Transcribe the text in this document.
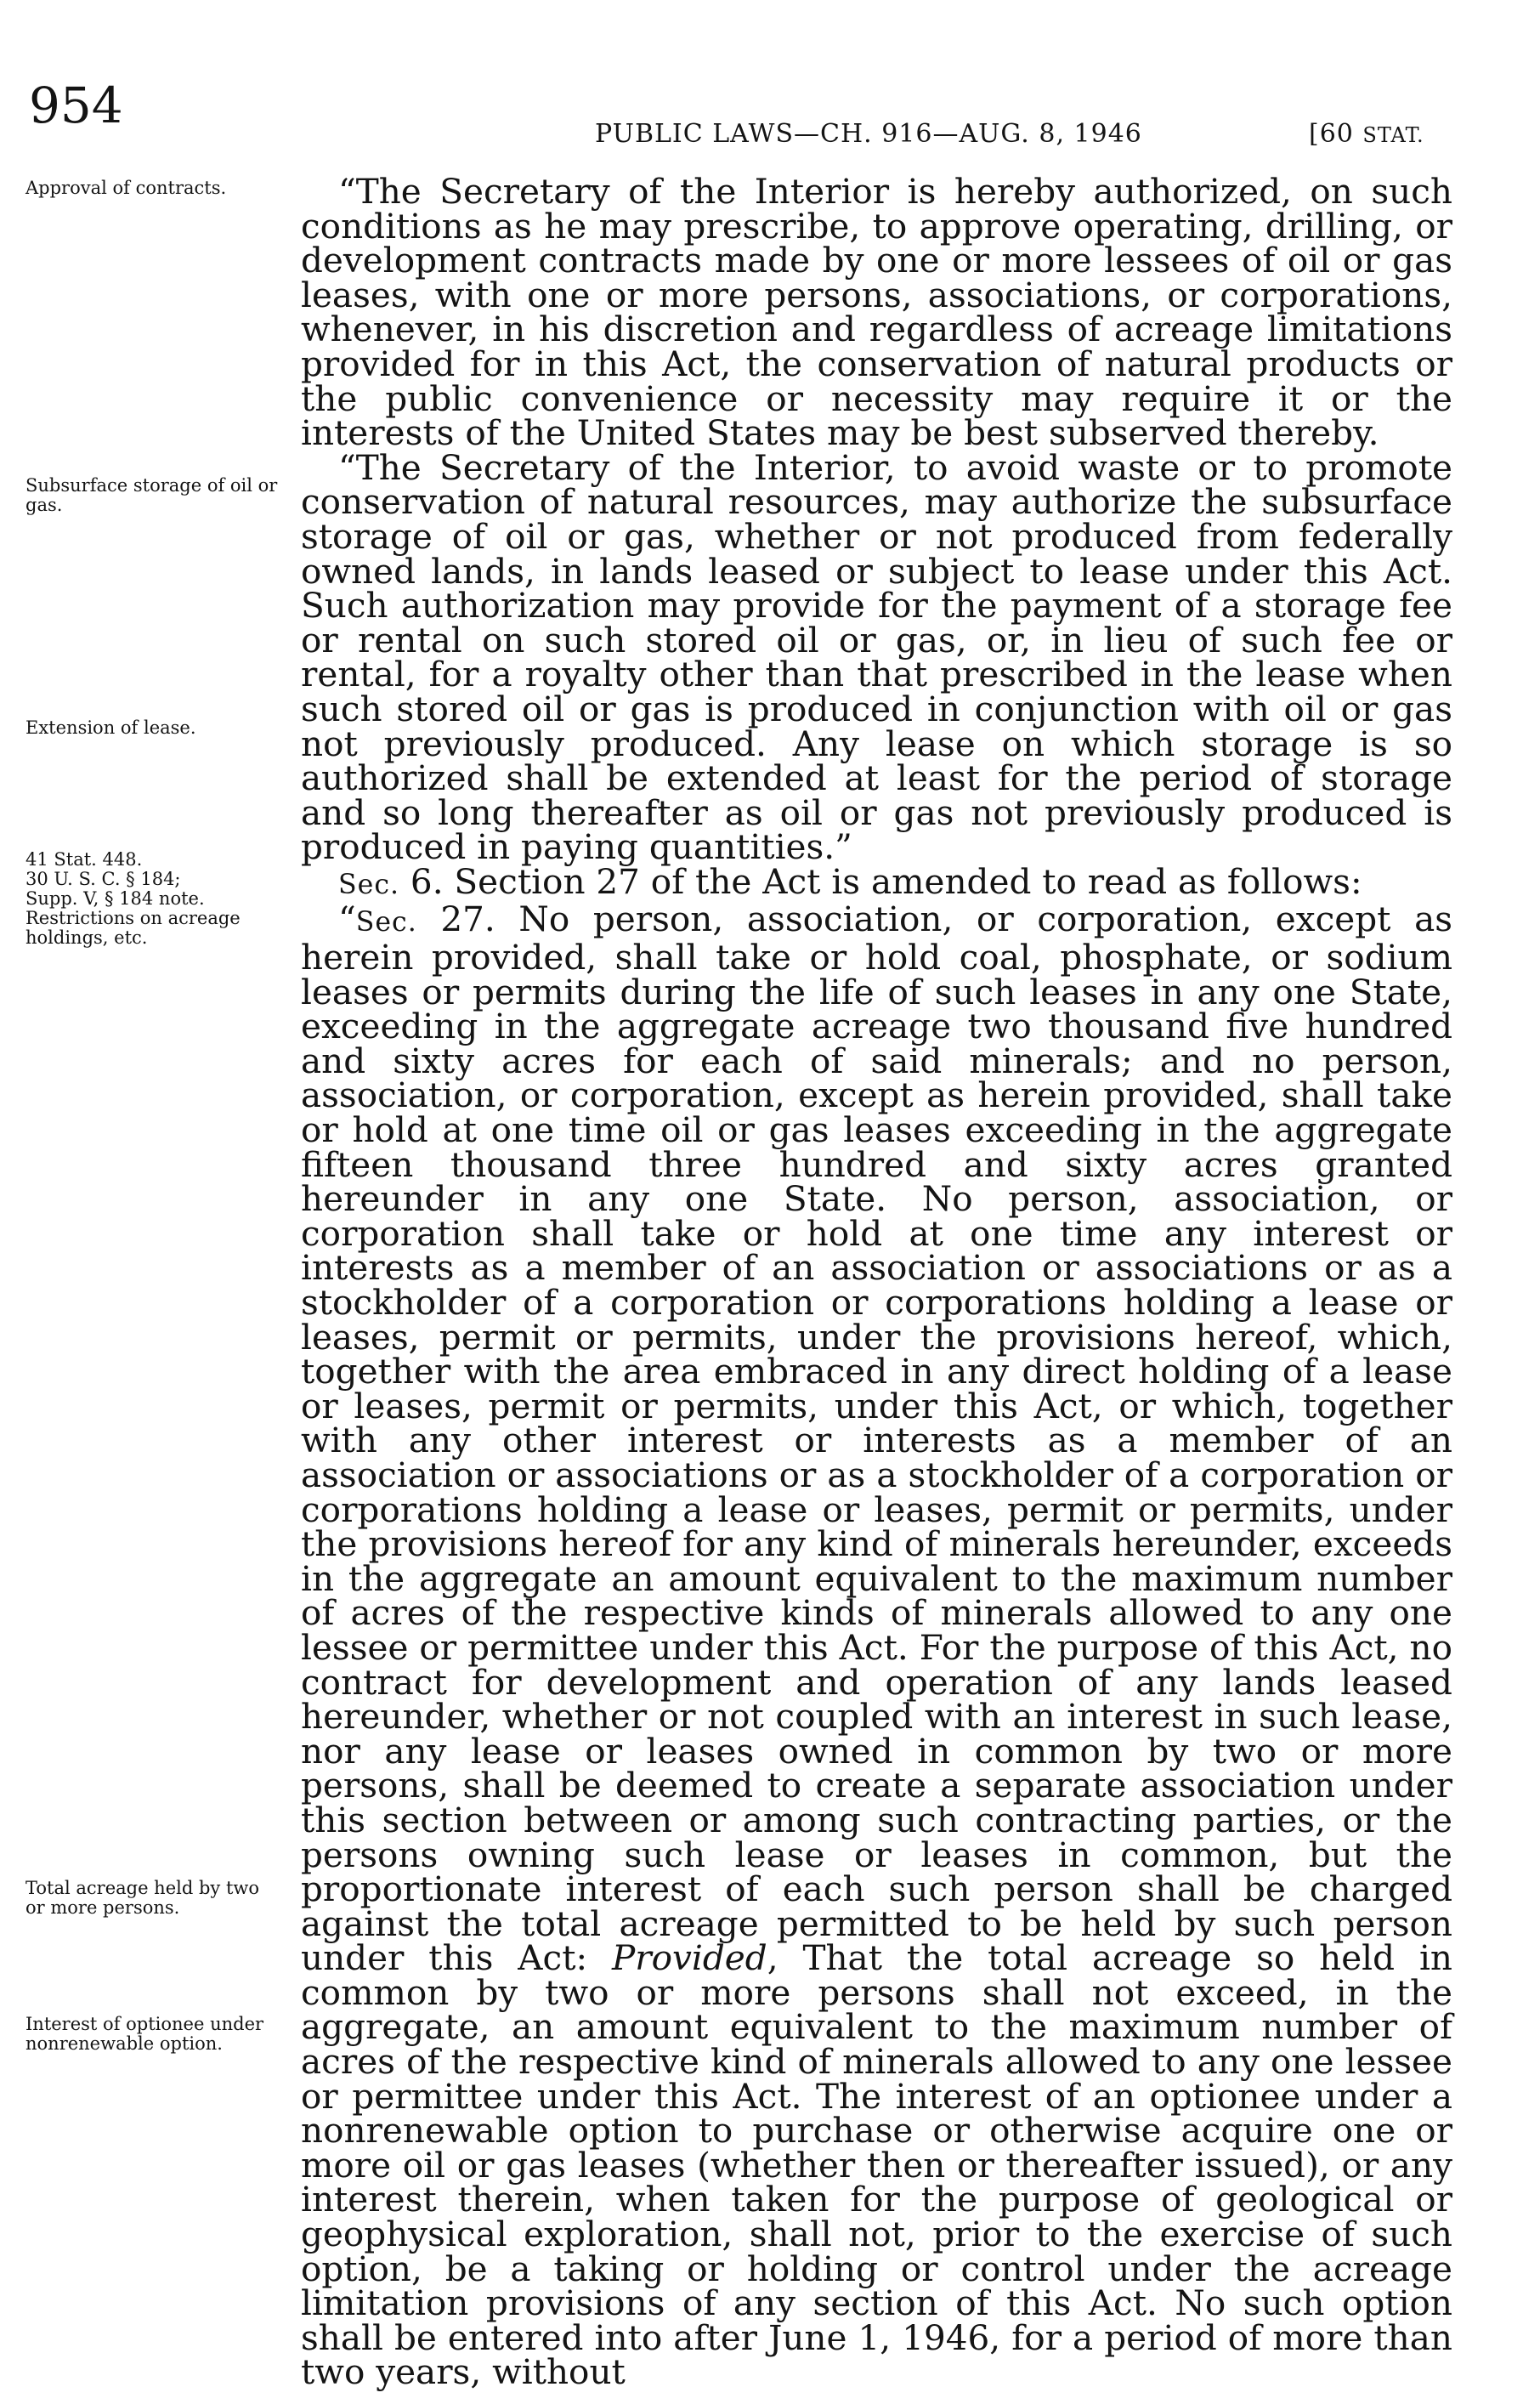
954	PUBLIC LAWS—CH. 916—AUG. 8, 1946	[60 STAT.
Approval of contracts.
Subsurface storage of oil or gas.
Extension of lease.
41 Stat. 448.
30 U. S. C. § 184;
Supp. V, § 184 note.
Restrictions on acreage holdings, etc.
Total acreage held by two or more persons.
Interest of optionee under nonrenewable option.

“The Secretary of the Interior is hereby authorized, on such conditions as he may prescribe, to approve operating, drilling, or development contracts made by one or more lessees of oil or gas leases, with one or more persons, associations, or corporations, whenever, in his discretion and regardless of acreage limitations provided for in this Act, the conservation of natural products or the public convenience or necessity may require it or the interests of the United States may be best subserved thereby.

“The Secretary of the Interior, to avoid waste or to promote conservation of natural resources, may authorize the subsurface storage of oil or gas, whether or not produced from federally owned lands, in lands leased or subject to lease under this Act. Such authorization may provide for the payment of a storage fee or rental on such stored oil or gas, or, in lieu of such fee or rental, for a royalty other than that prescribed in the lease when such stored oil or gas is produced in conjunction with oil or gas not previously produced. Any lease on which storage is so authorized shall be extended at least for the period of storage and so long thereafter as oil or gas not previously produced is produced in paying quantities.”

Sec. 6. Section 27 of the Act is amended to read as follows:

“Sec. 27. No person, association, or corporation, except as herein provided, shall take or hold coal, phosphate, or sodium leases or permits during the life of such leases in any one State, exceeding in the aggregate acreage two thousand five hundred and sixty acres for each of said minerals; and no person, association, or corporation, except as herein provided, shall take or hold at one time oil or gas leases exceeding in the aggregate fifteen thousand three hundred and sixty acres granted hereunder in any one State. No person, association, or corporation shall take or hold at one time any interest or interests as a member of an association or associations or as a stockholder of a corporation or corporations holding a lease or leases, permit or permits, under the provisions hereof, which, together with the area embraced in any direct holding of a lease or leases, permit or permits, under this Act, or which, together with any other interest or interests as a member of an association or associations or as a stockholder of a corporation or corporations holding a lease or leases, permit or permits, under the provisions hereof for any kind of minerals hereunder, exceeds in the aggregate an amount equivalent to the maximum number of acres of the respective kinds of minerals allowed to any one lessee or permittee under this Act. For the purpose of this Act, no contract for development and operation of any lands leased hereunder, whether or not coupled with an interest in such lease, nor any lease or leases owned in common by two or more persons, shall be deemed to create a separate association under this section between or among such contracting parties, or the persons owning such lease or leases in common, but the proportionate interest of each such person shall be charged against the total acreage permitted to be held by such person under this Act: Provided, That the total acreage so held in common by two or more persons shall not exceed, in the aggregate, an amount equivalent to the maximum number of acres of the respective kind of minerals allowed to any one lessee or permittee under this Act. The interest of an optionee under a nonrenewable option to purchase or otherwise acquire one or more oil or gas leases (whether then or thereafter issued), or any interest therein, when taken for the purpose of geological or geophysical exploration, shall not, prior to the exercise of such option, be a taking or holding or control under the acreage limitation provisions of any section of this Act. No such option shall be entered into after June 1, 1946, for a period of more than two years, without
